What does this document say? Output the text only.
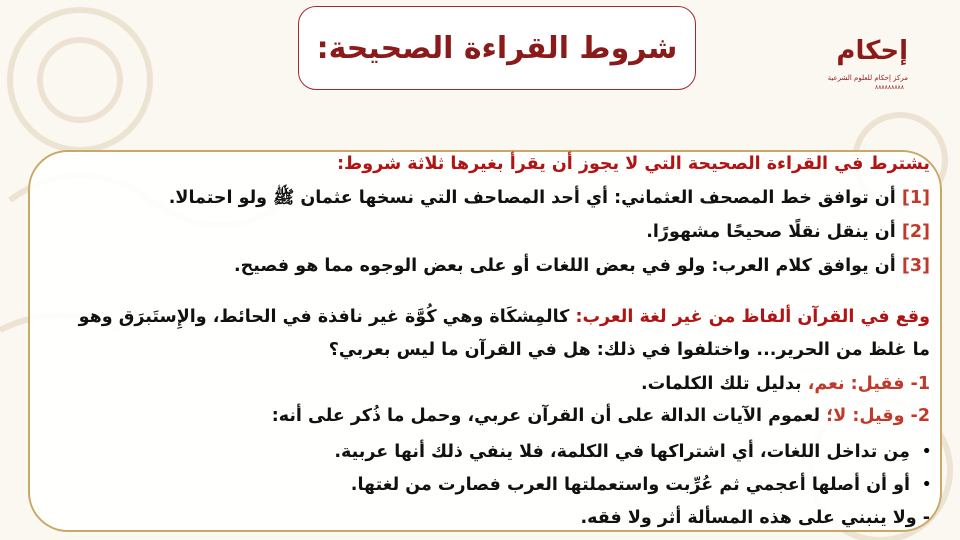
إحكام
مركز إحكام للعلوم الشرعية
٨٨٨٨٨٨٨٨٨
شروط القراءة الصحيحة:
يشترط في القراءة الصحيحة التي لا يجوز أن يقرأ بغيرها ثلاثة شروط:
[1] أن توافق خط المصحف العثماني: أي أحد المصاحف التي نسخها عثمان ﷺ ولو احتمالا.
[2] أن ينقل نقلًا صحيحًا مشهورًا.
[3] أن يوافق كلام العرب: ولو في بعض اللغات أو على بعض الوجوه مما هو فصيح.
وقع في القرآن ألفاظ من غير لغة العرب: كالمِشكَاة وهي كُوَّة غير نافذة في الحائط، والإِستَبرَق وهو
ما غلظ من الحرير... واختلفوا في ذلك: هل في القرآن ما ليس بعربي؟
1- فقيل: نعم، بدليل تلك الكلمات.
2- وقيل: لا؛ لعموم الآيات الدالة على أن القرآن عربي، وحمل ما ذُكر على أنه:
مِن تداخل اللغات، أي اشتراكها في الكلمة، فلا ينفي ذلك أنها عربية. •
أو أن أصلها أعجمي ثم عُرِّبت واستعملتها العرب فصارت من لغتها. •
- ولا ينبني على هذه المسألة أثر ولا فقه.
